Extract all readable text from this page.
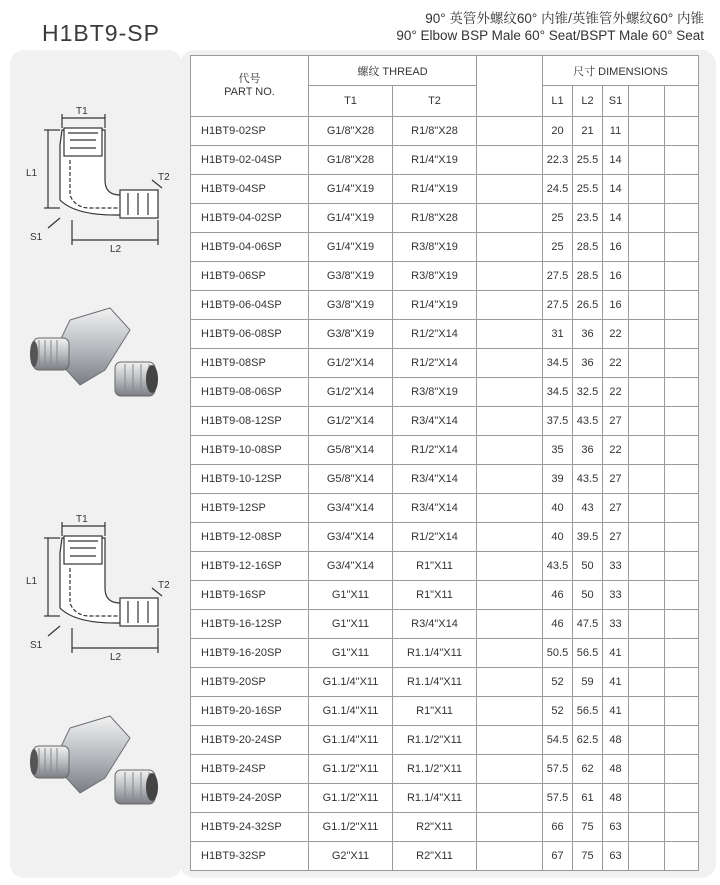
H1BT9-SP
90° 英管外螺纹60° 内锥/英锥管外螺纹60° 内锥
90° Elbow BSP Male 60° Seat/BSPT Male 60° Seat
T1
L1	T2
S1
L2
T1
L1	T2
S1
L2
代号
PART NO.	螺纹 THREAD			尺寸 DIMENSIONS				
	T1	T2		L1	L2	S1		
H1BT9-02SP	G1/8"X28	R1/8"X28		20	21	11		
H1BT9-02-04SP	G1/8"X28	R1/4"X19		22.3	25.5	14		
H1BT9-04SP	G1/4"X19	R1/4"X19		24.5	25.5	14		
H1BT9-04-02SP	G1/4"X19	R1/8"X28		25	23.5	14		
H1BT9-04-06SP	G1/4"X19	R3/8"X19		25	28.5	16		
H1BT9-06SP	G3/8"X19	R3/8"X19		27.5	28.5	16		
H1BT9-06-04SP	G3/8"X19	R1/4"X19		27.5	26.5	16		
H1BT9-06-08SP	G3/8"X19	R1/2"X14		31	36	22		
H1BT9-08SP	G1/2"X14	R1/2"X14		34.5	36	22		
H1BT9-08-06SP	G1/2"X14	R3/8"X19		34.5	32.5	22		
H1BT9-08-12SP	G1/2"X14	R3/4"X14		37.5	43.5	27		
H1BT9-10-08SP	G5/8"X14	R1/2"X14		35	36	22		
H1BT9-10-12SP	G5/8"X14	R3/4"X14		39	43.5	27		
H1BT9-12SP	G3/4"X14	R3/4"X14		40	43	27		
H1BT9-12-08SP	G3/4"X14	R1/2"X14		40	39.5	27		
H1BT9-12-16SP	G3/4"X14	R1"X11		43.5	50	33		
H1BT9-16SP	G1"X11	R1"X11		46	50	33		
H1BT9-16-12SP	G1"X11	R3/4"X14		46	47.5	33		
H1BT9-16-20SP	G1"X11	R1.1/4"X11		50.5	56.5	41		
H1BT9-20SP	G1.1/4"X11	R1.1/4"X11		52	59	41		
H1BT9-20-16SP	G1.1/4"X11	R1"X11		52	56.5	41		
H1BT9-20-24SP	G1.1/4"X11	R1.1/2"X11		54.5	62.5	48		
H1BT9-24SP	G1.1/2"X11	R1.1/2"X11		57.5	62	48		
H1BT9-24-20SP	G1.1/2"X11	R1.1/4"X11		57.5	61	48		
H1BT9-24-32SP	G1.1/2"X11	R2"X11		66	75	63		
H1BT9-32SP	G2"X11	R2"X11		67	75	63		
